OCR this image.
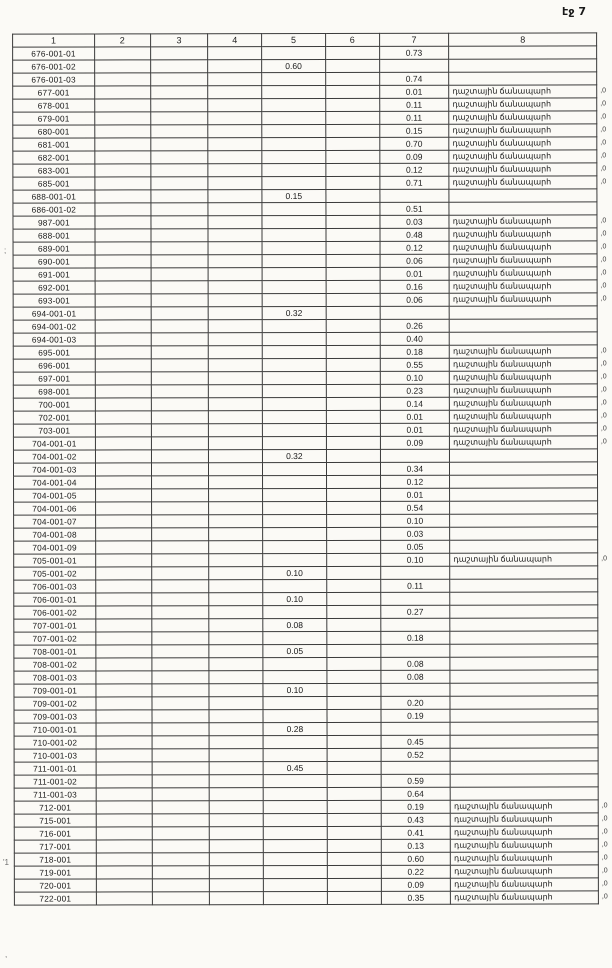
էջ 7
1	2	3	4	5	6	7	8	
676-001-01						0.73		
676-001-02				0.60				
676-001-03						0.74		
677-001						0.01	դաշտային ճանապարհ	,0
678-001						0.11	դաշտային ճանապարհ	,0
679-001						0.11	դաշտային ճանապարհ	,0
680-001						0.15	դաշտային ճանապարհ	,0
681-001						0.70	դաշտային ճանապարհ	,0
682-001						0.09	դաշտային ճանապարհ	,0
683-001						0.12	դաշտային ճանապարհ	,0
685-001						0.71	դաշտային ճանապարհ	,0
688-001-01				0.15				
686-001-02						0.51		
987-001						0.03	դաշտային ճանապարհ	,0
688-001						0.48	դաշտային ճանապարհ	,0
689-001						0.12	դաշտային ճանապարհ	,0
690-001						0.06	դաշտային ճանապարհ	,0
691-001						0.01	դաշտային ճանապարհ	,0
692-001						0.16	դաշտային ճանապարհ	,0
693-001						0.06	դաշտային ճանապարհ	,0
694-001-01				0.32				
694-001-02						0.26		
694-001-03						0.40		
695-001						0.18	դաշտային ճանապարհ	,0
696-001						0.55	դաշտային ճանապարհ	,0
697-001						0.10	դաշտային ճանապարհ	,0
698-001						0.23	դաշտային ճանապարհ	,0
700-001						0.14	դաշտային ճանապարհ	,0
702-001						0.01	դաշտային ճանապարհ	,0
703-001						0.01	դաշտային ճանապարհ	,0
704-001-01						0.09	դաշտային ճանապարհ	,0
704-001-02				0.32				
704-001-03						0.34		
704-001-04						0.12		
704-001-05						0.01		
704-001-06						0.54		
704-001-07						0.10		
704-001-08						0.03		
704-001-09						0.05		
705-001-01						0.10	դաշտային ճանապարհ	,0
705-001-02				0.10				
706-001-03						0.11		
706-001-01				0.10				
706-001-02						0.27		
707-001-01				0.08				
707-001-02						0.18		
708-001-01				0.05				
708-001-02						0.08		
708-001-03						0.08		
709-001-01				0.10				
709-001-02						0.20		
709-001-03						0.19		
710-001-01				0.28				
710-001-02						0.45		
710-001-03						0.52		
711-001-01				0.45				
711-001-02						0.59		
711-001-03						0.64		
712-001						0.19	դաշտային ճանապարհ	,0
715-001						0.43	դաշտային ճանապարհ	,0
716-001						0.41	դաշտային ճանապարհ	,0
717-001						0.13	դաշտային ճանապարհ	,0
718-001						0.60	դաշտային ճանապարհ	,0
719-001						0.22	դաշտային ճանապարհ	,0
720-001						0.09	դաշտային ճանապարհ	,0
722-001						0.35	դաշտային ճանապարհ	,0
;
'1
,
